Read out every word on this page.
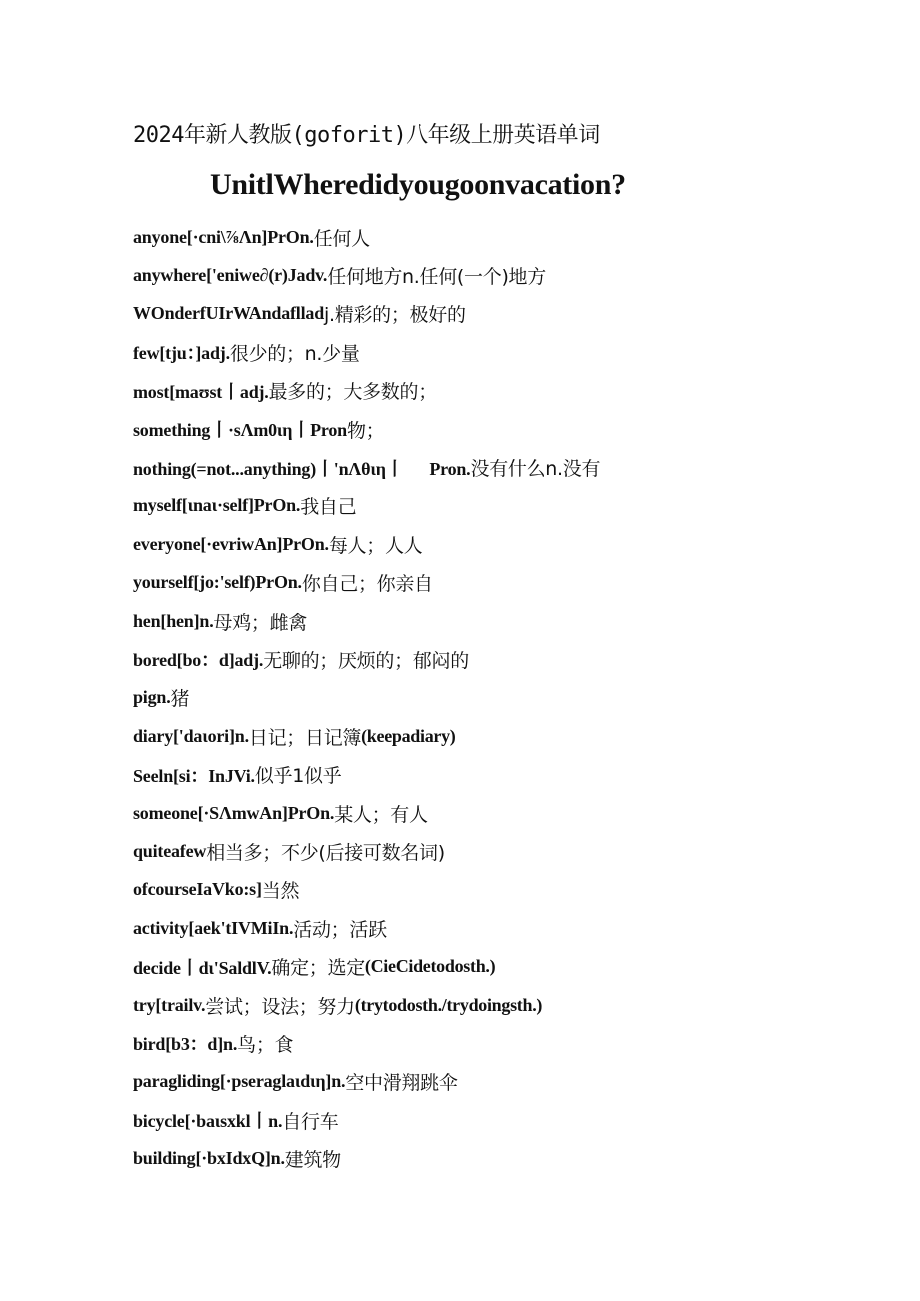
2024年新人教版(goforit)八年级上册英语单词
UnitlWheredidyougoonvacation?
anyone[·cni\⅞Λn]PrOn. 任何人
anywhere['eniwe∂(r)Jadv. 任何地方n.任何(一个)地方
WOnderfUIrWAndafllad j.精彩的；极好的
few[tju：]adj. 很少的；n.少量
most[maʊst丨adj. 最多的；大多数的；
something丨·sΛm0ιη丨Pron 物；
nothing(=not...anything)丨'nΛθιη丨      Pron. 没有什么n.没有
myself[ιnaι·self]PrOn. 我自己
everyone[·evriwAn]PrOn. 每人；人人
yourself[jo:'self)PrOn. 你自己；你亲自
hen[hen]n. 母鸡；雌禽
bored[bo：d]adj. 无聊的；厌烦的；郁闷的
pign. 猪
diary['daιori]n. 日记；日记簿 (keepadiary)
Seeln[si：InJVi. 似乎1似乎
someone[·SΛmwAn]PrOn. 某人；有人
quiteafew 相当多；不少(后接可数名词)
ofcourseIaVko:s] 当然
activity[aek'tIVMiIn. 活动；活跃
decide丨dι'SaldlV. 确定；选定 (CieCidetodosth.)
try[trailv. 尝试；设法；努力 (trytodosth./trydoingsth.)
bird[b3：d]n. 鸟；食
paragliding[·pseraglaιdιη]n. 空中滑翔跳伞
bicycle[·baιsxkl丨n. 自行车
building[·bxIdxQ]n. 建筑物
